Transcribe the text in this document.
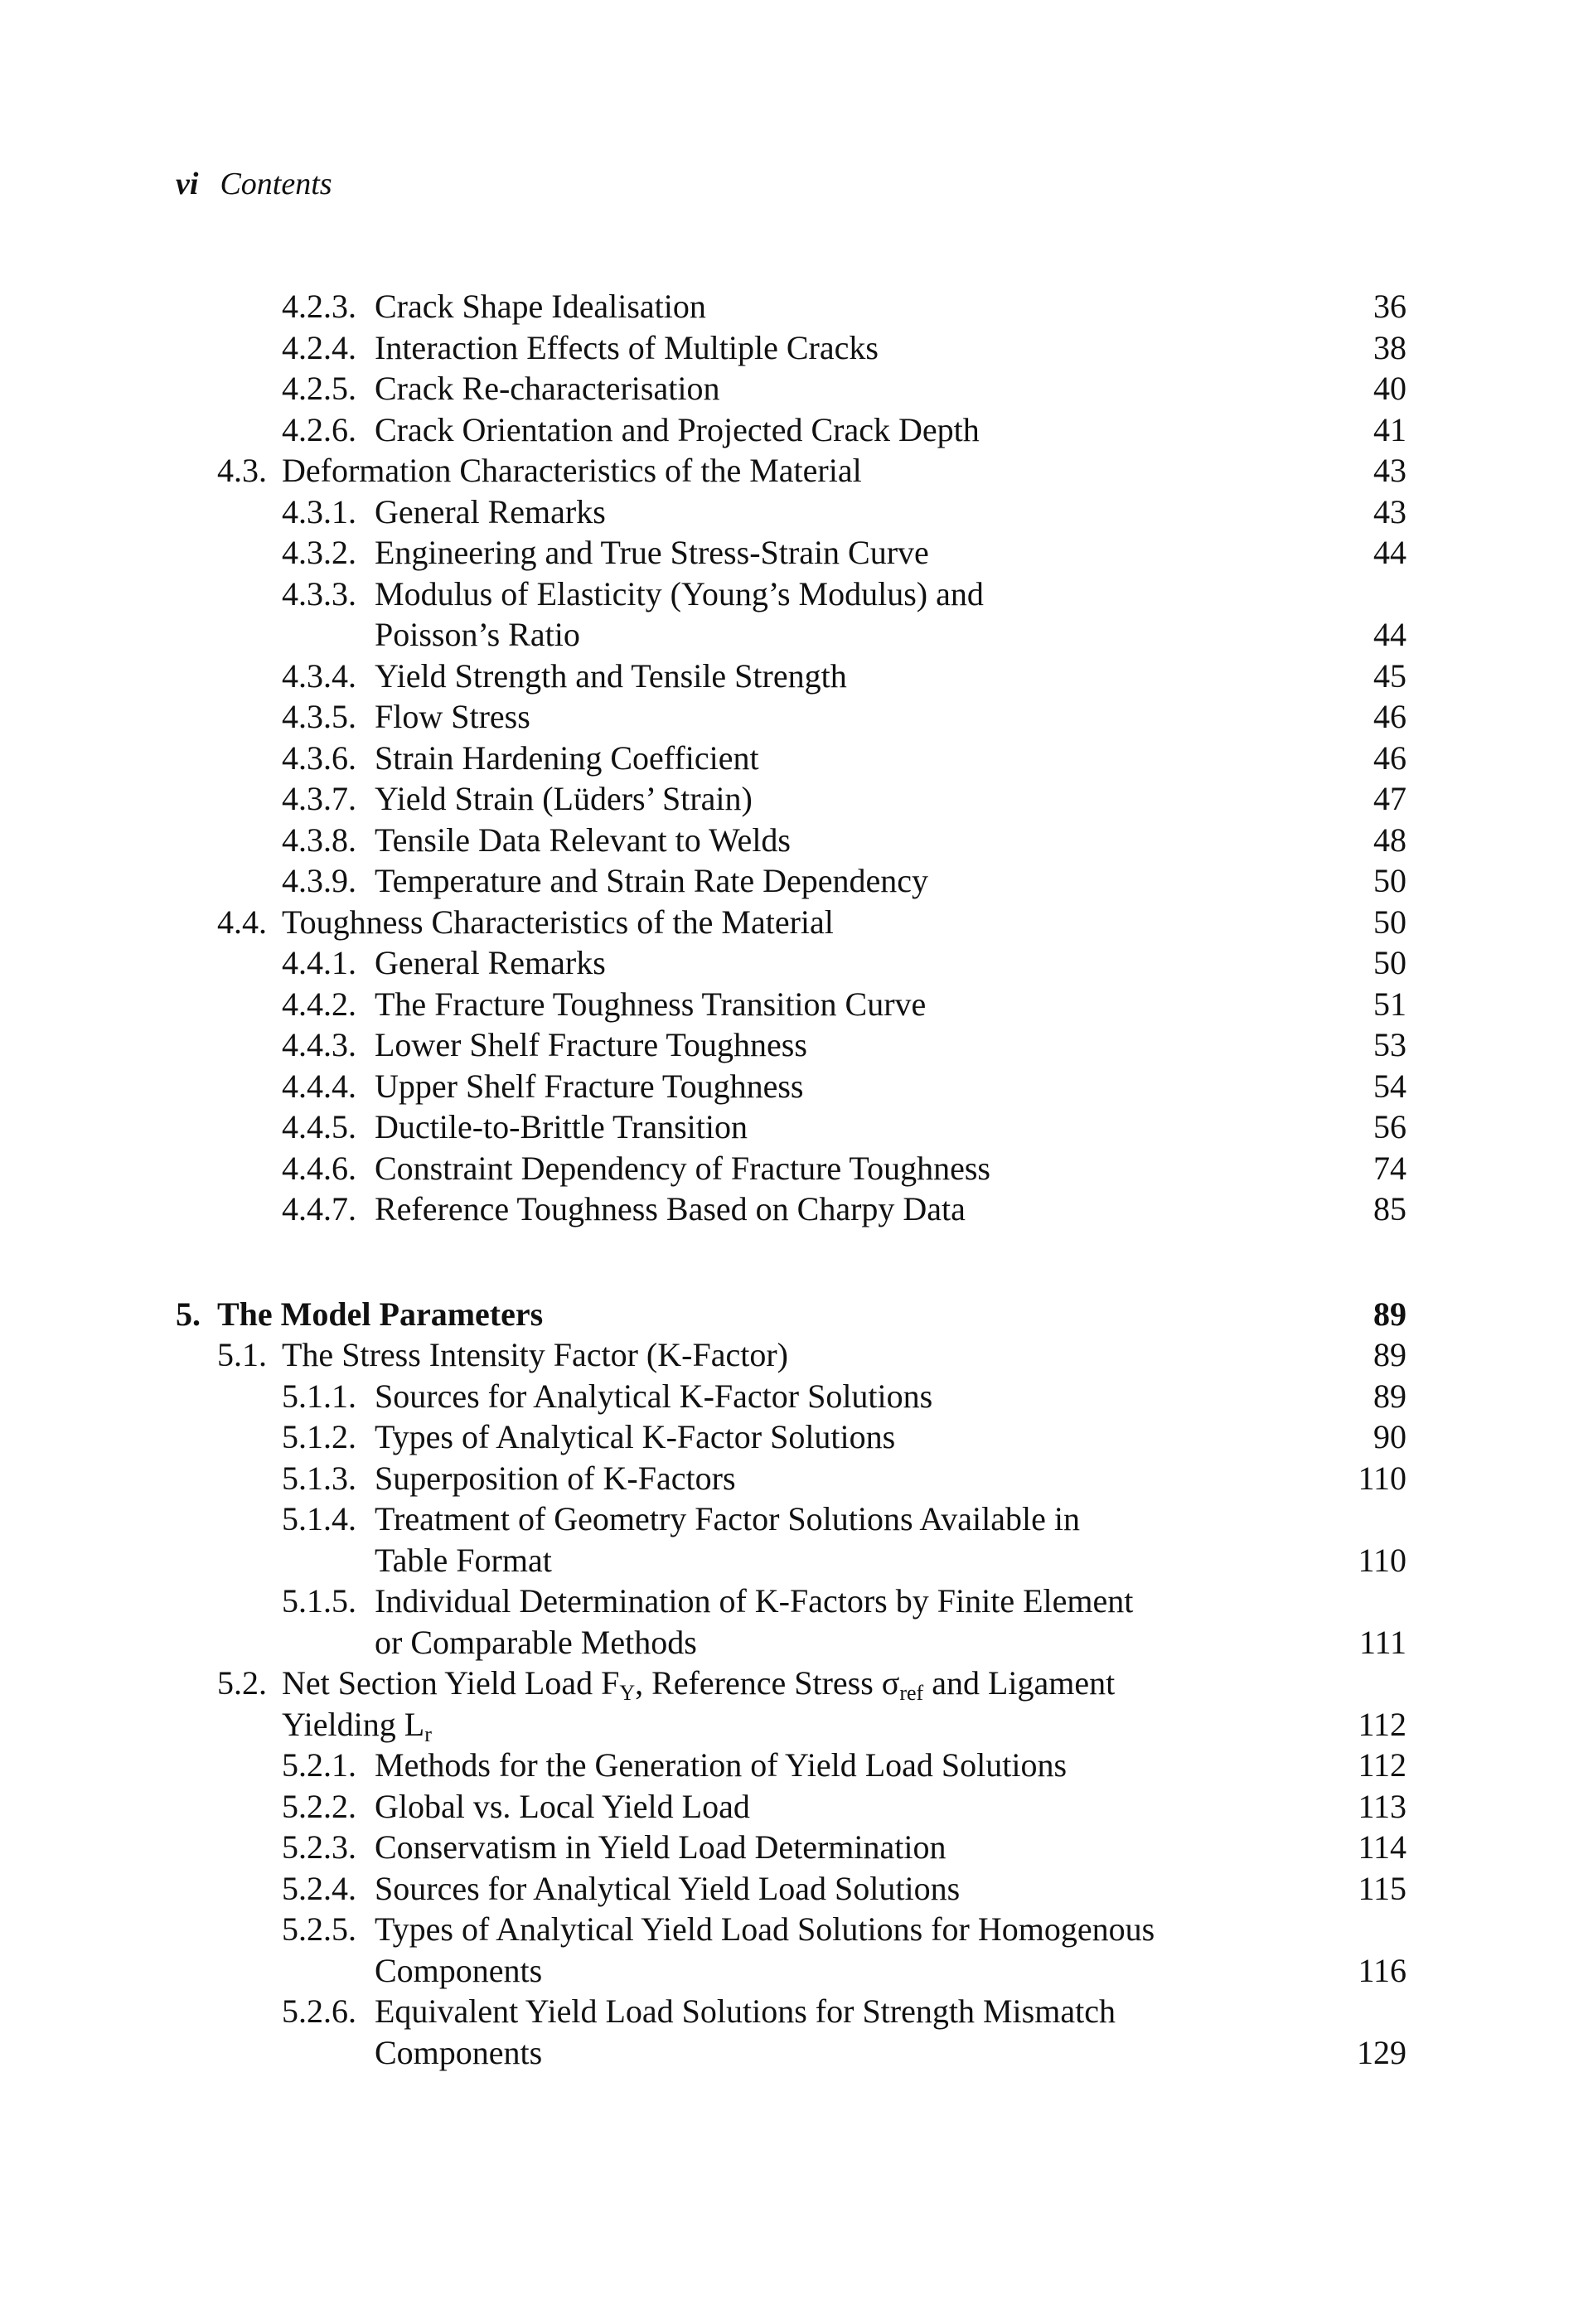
vi Contents
4.2.3. Crack Shape Idealisation	36
4.2.4. Interaction Effects of Multiple Cracks	38
4.2.5. Crack Re-characterisation	40
4.2.6. Crack Orientation and Projected Crack Depth	41
4.3. Deformation Characteristics of the Material	43
4.3.1. General Remarks	43
4.3.2. Engineering and True Stress-Strain Curve	44
4.3.3. Modulus of Elasticity (Young’s Modulus) and
Poisson’s Ratio	44
4.3.4. Yield Strength and Tensile Strength	45
4.3.5. Flow Stress	46
4.3.6. Strain Hardening Coefficient	46
4.3.7. Yield Strain (Lüders’ Strain)	47
4.3.8. Tensile Data Relevant to Welds	48
4.3.9. Temperature and Strain Rate Dependency	50
4.4. Toughness Characteristics of the Material	50
4.4.1. General Remarks	50
4.4.2. The Fracture Toughness Transition Curve	51
4.4.3. Lower Shelf Fracture Toughness	53
4.4.4. Upper Shelf Fracture Toughness	54
4.4.5. Ductile-to-Brittle Transition	56
4.4.6. Constraint Dependency of Fracture Toughness	74
4.4.7. Reference Toughness Based on Charpy Data	85
5. The Model Parameters	89
5.1. The Stress Intensity Factor (K-Factor)	89
5.1.1. Sources for Analytical K-Factor Solutions	89
5.1.2. Types of Analytical K-Factor Solutions	90
5.1.3. Superposition of K-Factors	110
5.1.4. Treatment of Geometry Factor Solutions Available in
Table Format	110
5.1.5. Individual Determination of K-Factors by Finite Element
or Comparable Methods	111
5.2. Net Section Yield Load $F_Y$, Reference Stress $\sigma_{ref}$ and Ligament
Yielding $L_r$	112
5.2.1. Methods for the Generation of Yield Load Solutions	112
5.2.2. Global vs. Local Yield Load	113
5.2.3. Conservatism in Yield Load Determination	114
5.2.4. Sources for Analytical Yield Load Solutions	115
5.2.5. Types of Analytical Yield Load Solutions for Homogenous
Components	116
5.2.6. Equivalent Yield Load Solutions for Strength Mismatch
Components	129
